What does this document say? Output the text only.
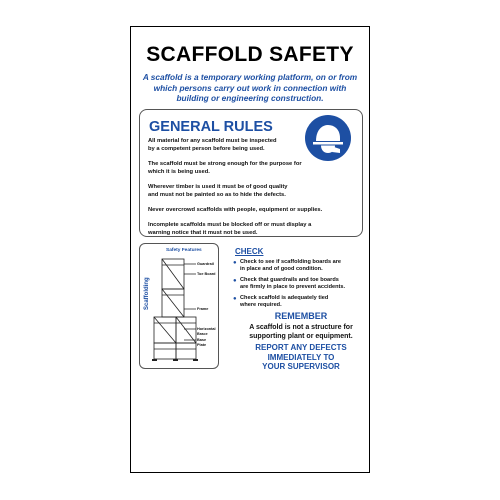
SCAFFOLD SAFETY
A scaffold is a temporary working platform, on or from
which persons carry out work in connection with
building or engineering construction.
GENERAL RULES
All material for any scaffold must be inspected
by a competent person before being used.
The scaffold must be strong enough for the purpose for
which it is being used.
Wherever timber is used it must be of good quality
and must not be painted so as to hide the defects.
Never overcrowd scaffolds with people, equipment or supplies.
Incomplete scaffolds must be blocked off or must display a
warning notice that it must not be used.
Scaffolding
Safety Features
Guardrail
Toe Board
Frame
Horizontal Brace
Base Plate
CHECK
● Check to see if scaffolding boards are
in place and of good condition.
● Check that guardrails and toe boards
are firmly in place to prevent accidents.
● Check scaffold is adequately tied
where required.
REMEMBER
A scaffold is not a structure for
supporting plant or equipment.
REPORT ANY DEFECTS
IMMEDIATELY TO
YOUR SUPERVISOR
